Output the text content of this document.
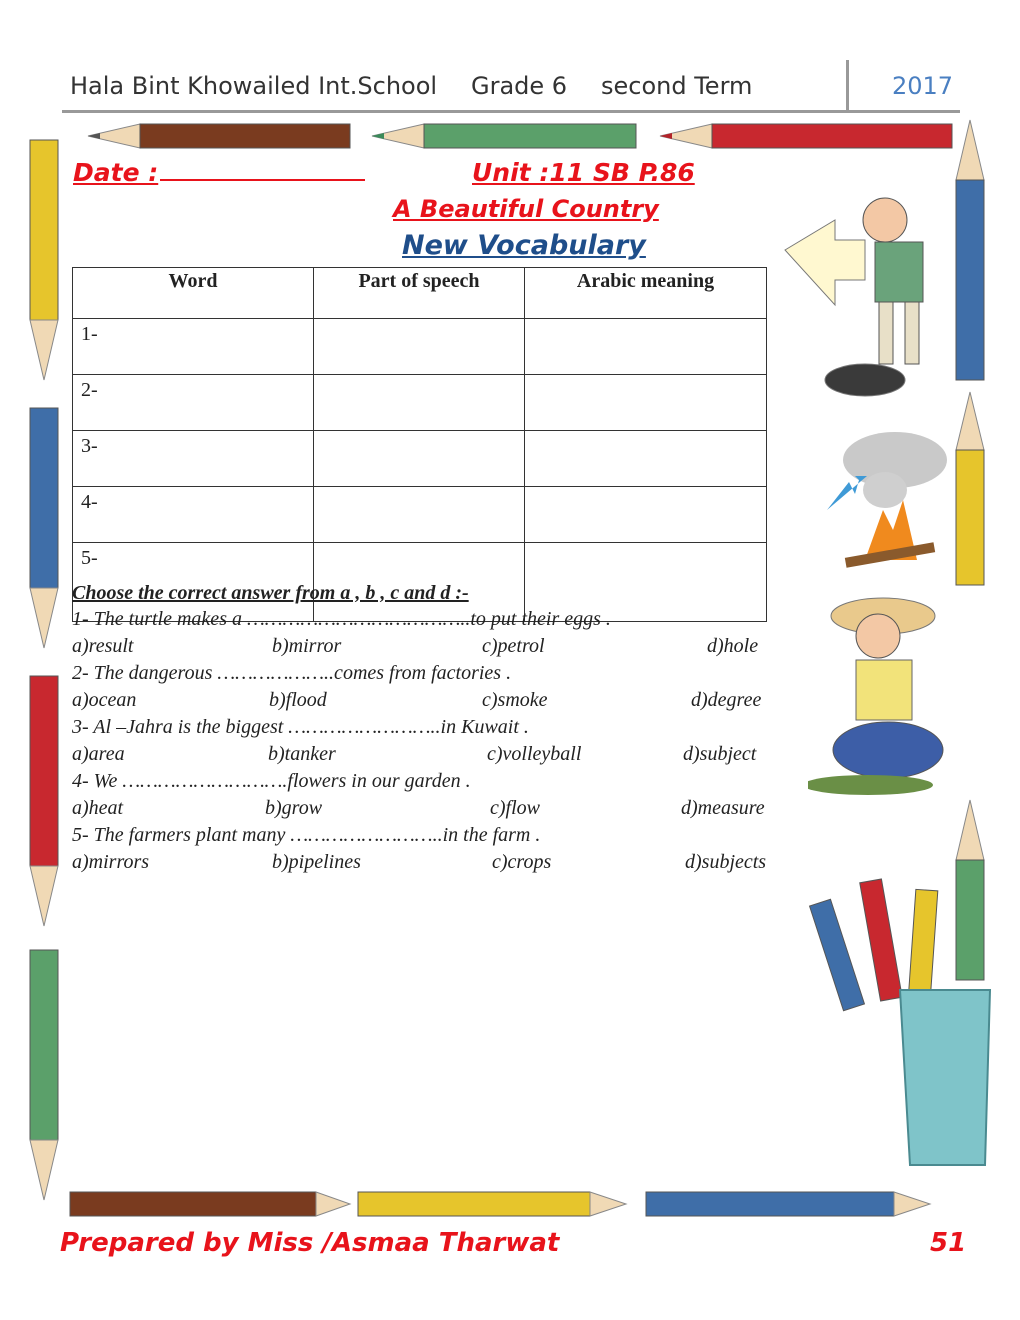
Hala Bint Khowailed Int.School Grade 6 second Term	2017
Date :	Unit :11 SB P.86
A Beautiful Country
New Vocabulary
Word	Part of speech	Arabic meaning
1-		
2-		
3-		
4-		
5-		
Choose the correct answer from a , b , c and d :-
1- The turtle makes a ………………………………..to put their eggs .
a)result	b)mirror	c)petrol	d)hole
2- The dangerous ………………..comes from factories .
a)ocean	b)flood	c)smoke	d)degree
3- Al –Jahra is the biggest ……………………..in Kuwait .
a)area	b)tanker	c)volleyball	d)subject
4- We ……………………….flowers in our garden .
a)heat	b)grow	c)flow	d)measure
5- The farmers plant many ……………………..in the farm .
a)mirrors	b)pipelines	c)crops	d)subjects
Prepared by Miss /Asmaa Tharwat	51
